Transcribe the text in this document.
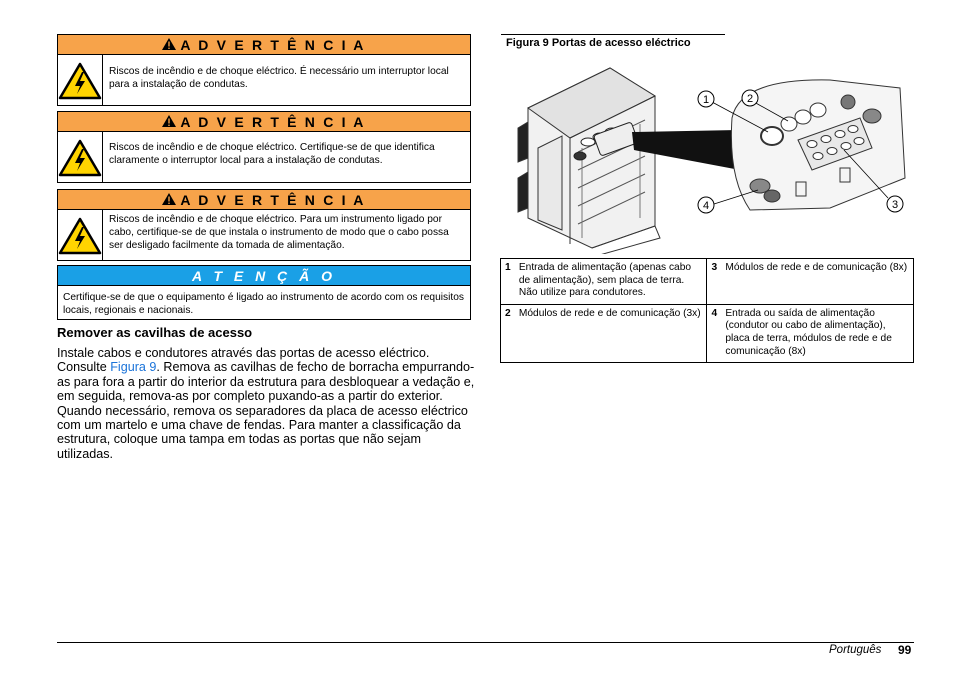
A D V E R T Ê N C I A
Riscos de incêndio e de choque eléctrico. É necessário um interruptor local para a instalação de condutas.
A D V E R T Ê N C I A
Riscos de incêndio e de choque eléctrico. Certifique-se de que identifica claramente o interruptor local para a instalação de condutas.
A D V E R T Ê N C I A
Riscos de incêndio e de choque eléctrico. Para um instrumento ligado por cabo, certifique-se de que instala o instrumento de modo que o cabo possa ser desligado facilmente da tomada de alimentação.
A T E N Ç Ã O
Certifique-se de que o equipamento é ligado ao instrumento de acordo com os requisitos locais, regionais e nacionais.
Remover as cavilhas de acesso
Instale cabos e condutores através das portas de acesso eléctrico. Consulte Figura 9. Remova as cavilhas de fecho de borracha empurrando-as para fora a partir do interior da estrutura para desbloquear a vedação e, em seguida, remova-as por completo puxando-as a partir do exterior. Quando necessário, remova os separadores da placa de acesso eléctrico com um martelo e uma chave de fendas. Para manter a classificação da estrutura, coloque uma tampa em todas as portas que não sejam utilizadas.
Figura 9 Portas de acesso eléctrico
1	2
3
4
1	Entrada de alimentação (apenas cabo de alimentação), sem placa de terra. Não utilize para condutores.	3	Módulos de rede e de comunicação (8x)
2	Módulos de rede e de comunicação (3x)	4	Entrada ou saída de alimentação (condutor ou cabo de alimentação), placa de terra, módulos de rede e de comunicação (8x)
Português 99
